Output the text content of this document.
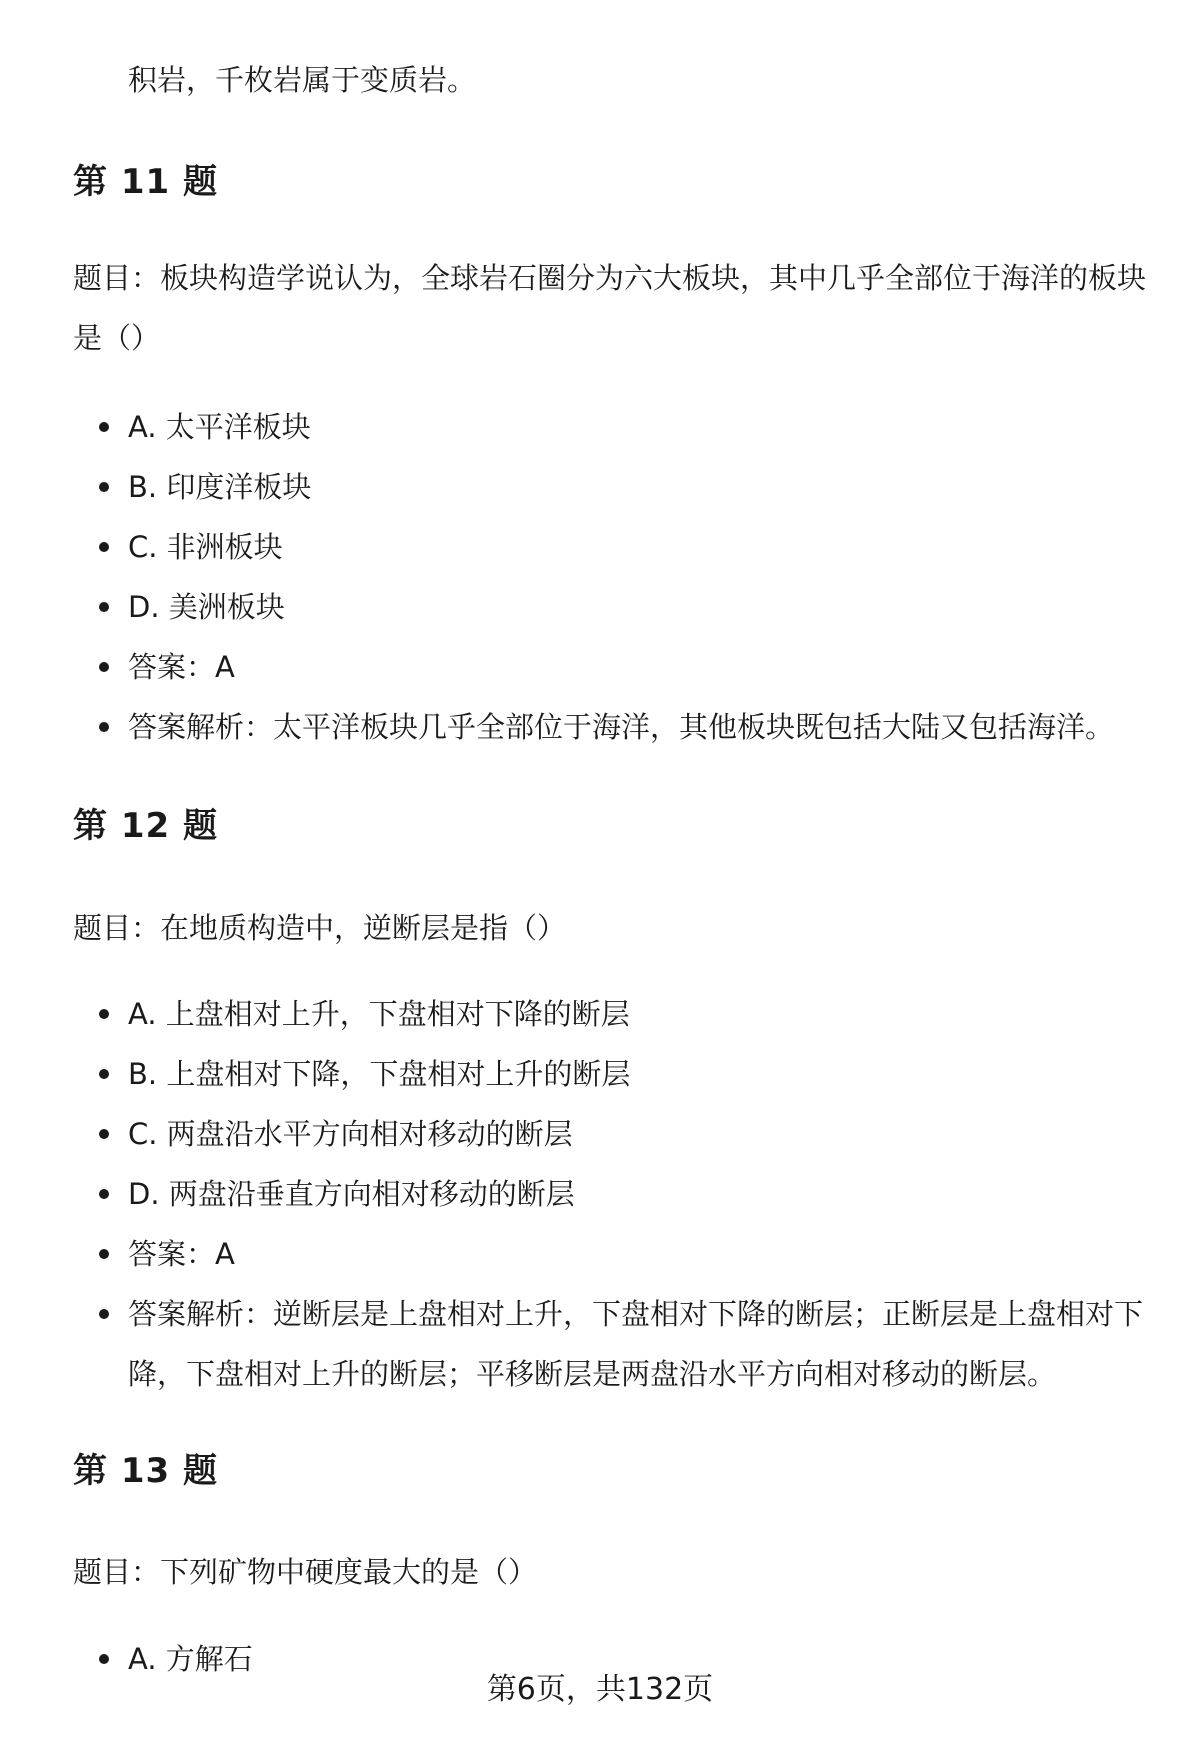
积岩，千枚岩属于变质岩。
第 11 题
题目：板块构造学说认为，全球岩石圈分为六大板块，其中几乎全部位于海洋的板块是（）
A. 太平洋板块
B. 印度洋板块
C. 非洲板块
D. 美洲板块
答案：A
答案解析：太平洋板块几乎全部位于海洋，其他板块既包括大陆又包括海洋。
第 12 题
题目：在地质构造中，逆断层是指（）
A. 上盘相对上升，下盘相对下降的断层
B. 上盘相对下降，下盘相对上升的断层
C. 两盘沿水平方向相对移动的断层
D. 两盘沿垂直方向相对移动的断层
答案：A
答案解析：逆断层是上盘相对上升，下盘相对下降的断层；正断层是上盘相对下降，下盘相对上升的断层；平移断层是两盘沿水平方向相对移动的断层。
第 13 题
题目：下列矿物中硬度最大的是（）
A. 方解石
第6页，共132页
